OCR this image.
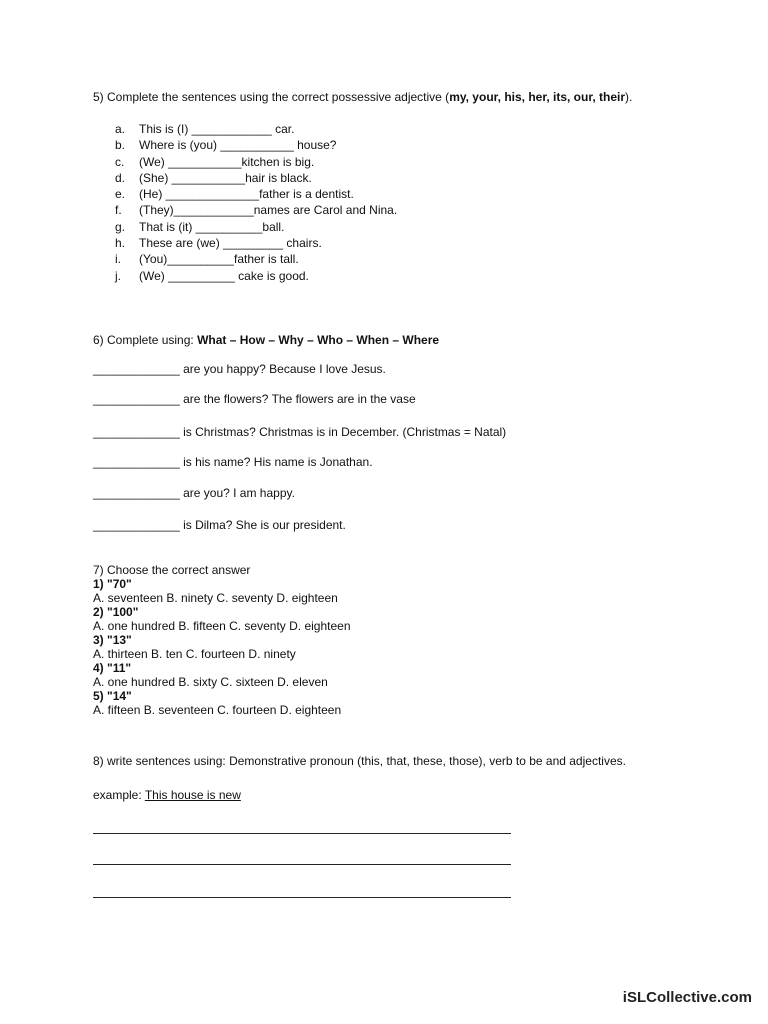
5) Complete the sentences using the correct possessive adjective (my, your, his, her, its, our, their).
a. This is (I) ____________ car.
b. Where is (you) ___________ house?
c. (We) ___________kitchen is big.
d. (She) ___________hair is black.
e. (He) ______________father is a dentist.
f. (They)____________names are Carol and Nina.
g. That is (it) __________ball.
h. These are (we) _________ chairs.
i. (You)__________father is tall.
j. (We) __________ cake is good.
6) Complete using: What – How – Why – Who – When – Where
_____________ are you happy? Because I love Jesus.
_____________ are the flowers? The flowers are in the vase
_____________ is Christmas? Christmas is in December. (Christmas = Natal)
_____________ is his name? His name is Jonathan.
_____________ are you? I am happy.
_____________ is Dilma? She is our president.
7) Choose the correct answer
1) "70"
A. seventeen B. ninety C. seventy D. eighteen
2) "100"
A. one hundred B. fifteen C. seventy D. eighteen
3) "13"
A. thirteen B. ten C. fourteen D. ninety
4) "11"
A. one hundred B. sixty C. sixteen D. eleven
5) "14"
A. fifteen B. seventeen C. fourteen D. eighteen
8) write sentences using: Demonstrative pronoun (this, that, these, those), verb to be and adjectives.
example: This house is new
iSLCollective.com
